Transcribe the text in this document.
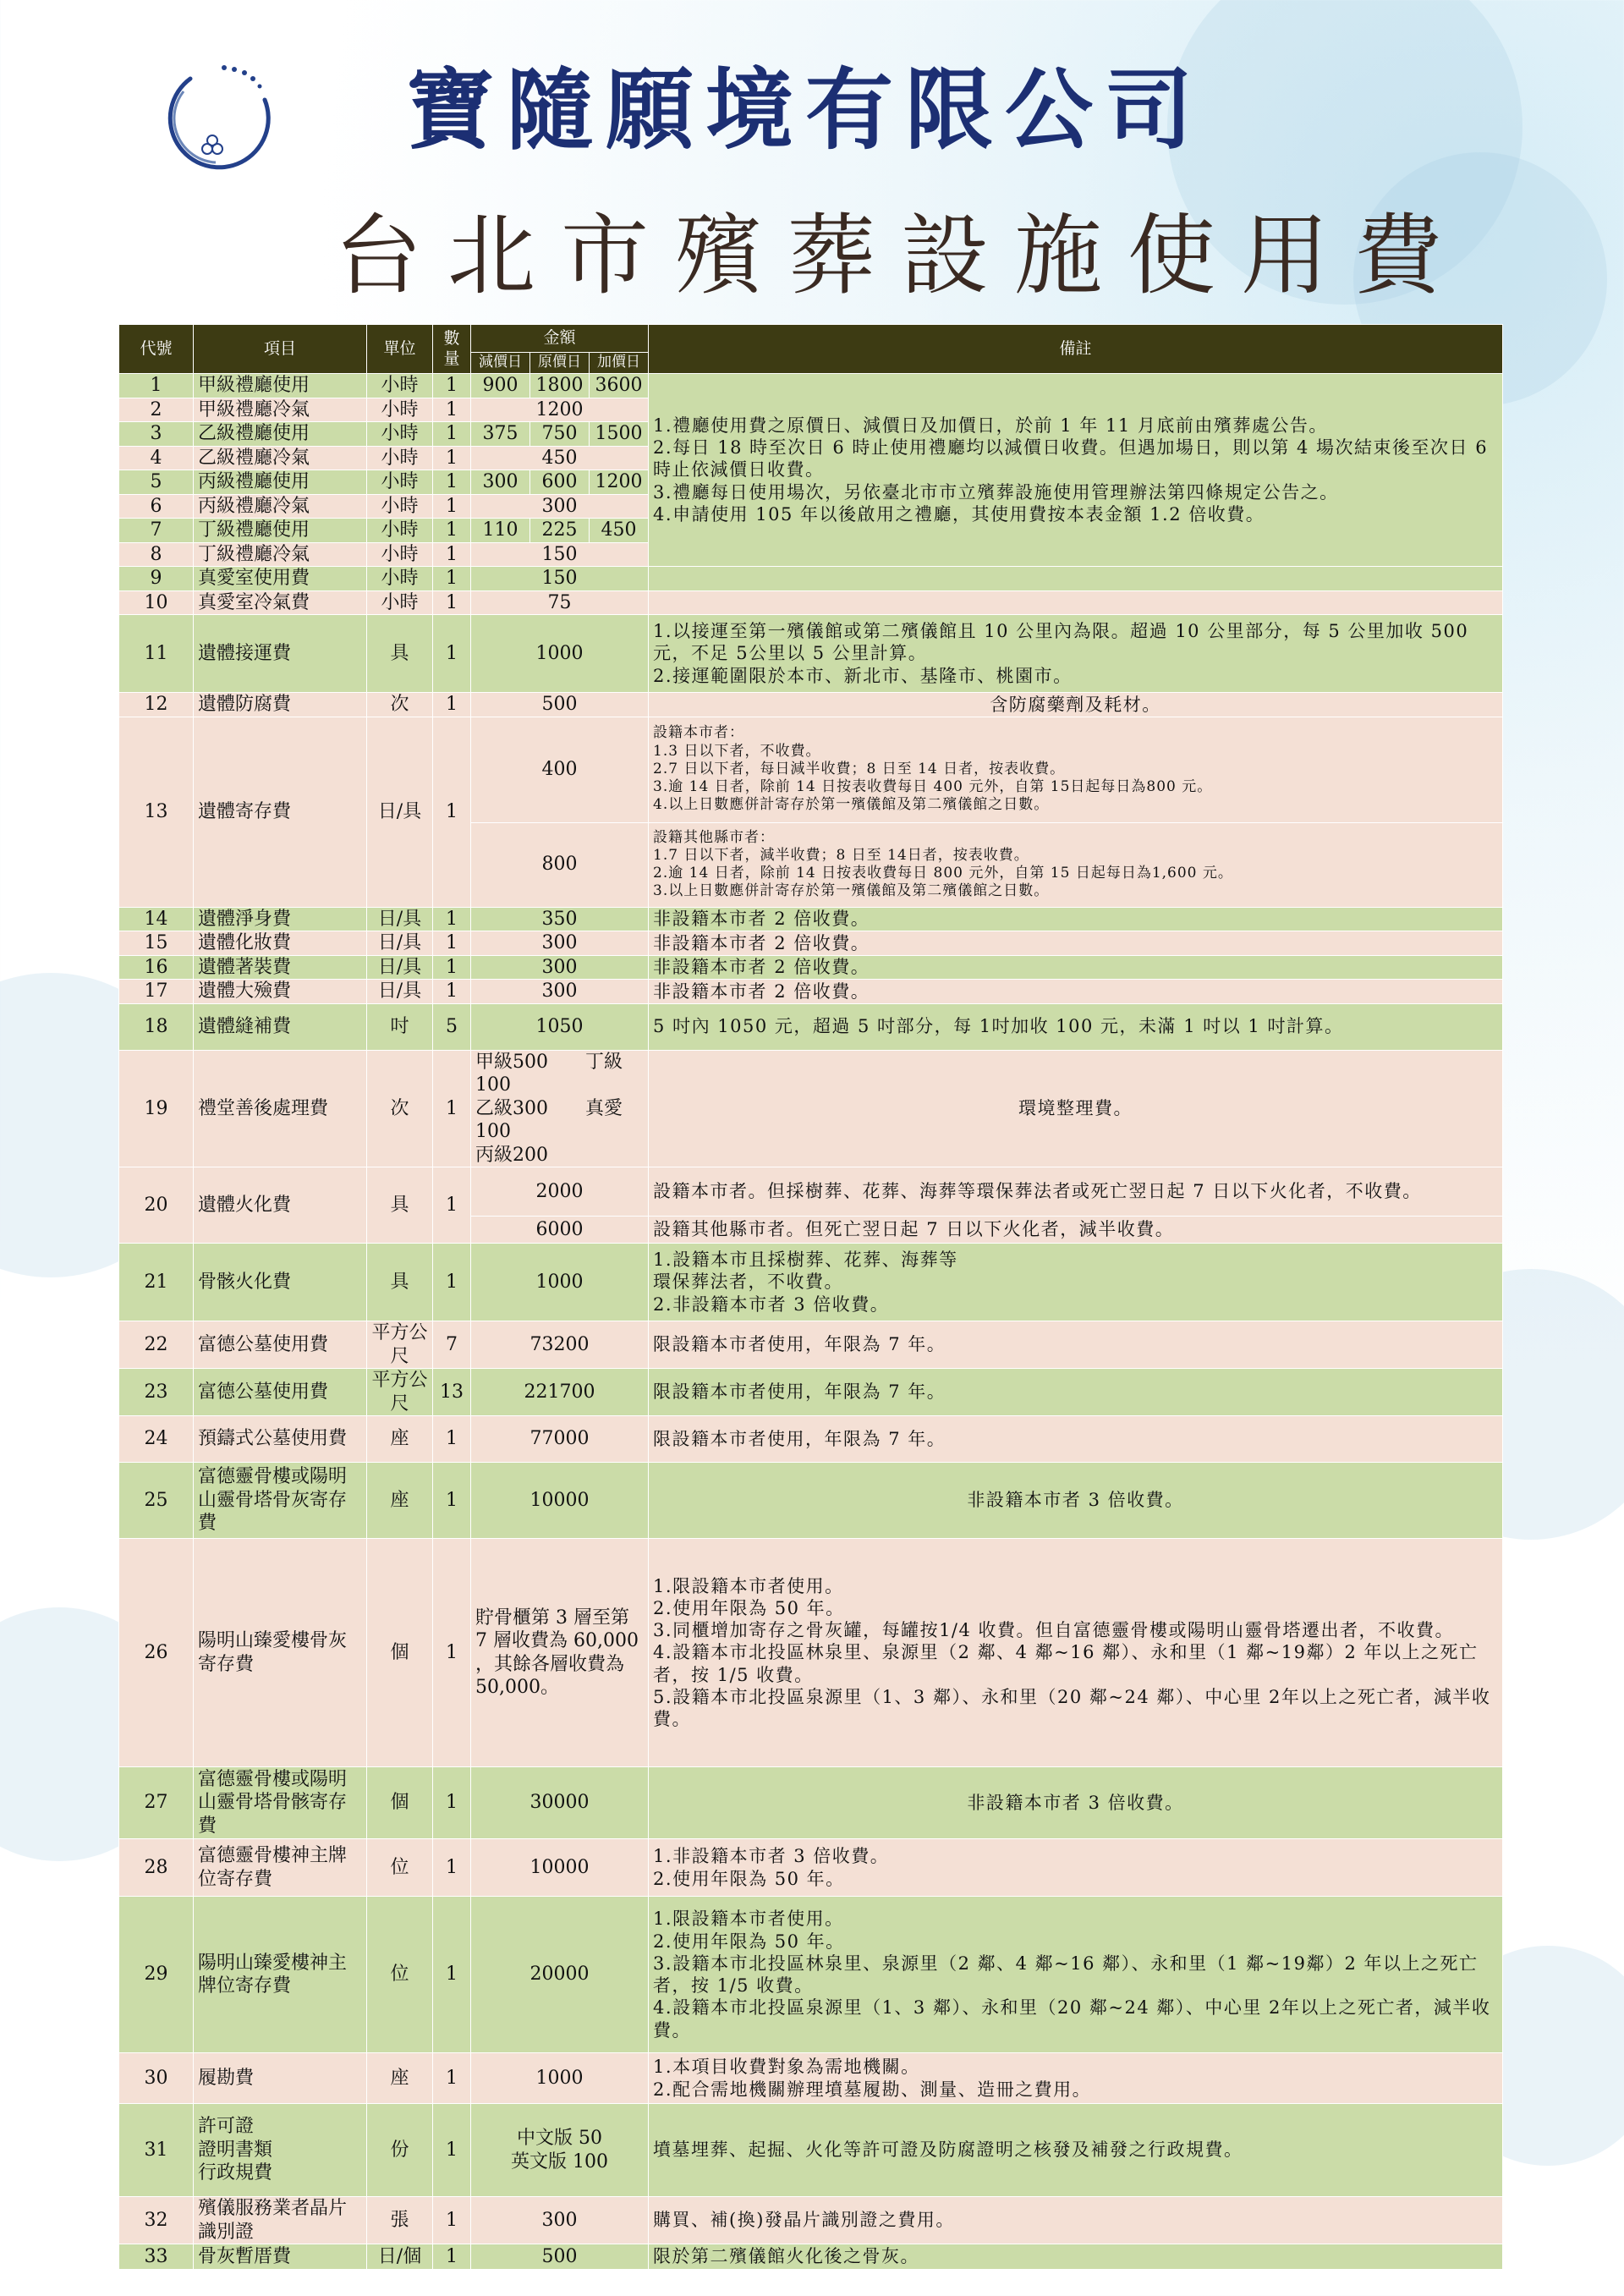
寶隨願境有限公司
台北市殯葬設施使用費
代號	項目	單位	數量	金額			備註
				減價日	原價日	加價日	
1	甲級禮廳使用	小時	1	900	1800	3600	1.禮廳使用費之原價日、減價日及加價日，於前 1 年 11 月底前由殯葬處公告。
2.每日 18 時至次日 6 時止使用禮廳均以減價日收費。但遇加場日，則以第 4 場次結束後至次日 6 時止依減價日收費。
3.禮廳每日使用場次，另依臺北市市立殯葬設施使用管理辦法第四條規定公告之。
4.申請使用 105 年以後啟用之禮廳，其使用費按本表金額 1.2 倍收費。
2	甲級禮廳冷氣	小時	1	1200			
3	乙級禮廳使用	小時	1	375	750	1500	
4	乙級禮廳冷氣	小時	1	450			
5	丙級禮廳使用	小時	1	300	600	1200	
6	丙級禮廳冷氣	小時	1	300			
7	丁級禮廳使用	小時	1	110	225	450	
8	丁級禮廳冷氣	小時	1	150			
9	真愛室使用費	小時	1	150			
10	真愛室冷氣費	小時	1	75			
11	遺體接運費	具	1	1000			1.以接運至第一殯儀館或第二殯儀館且 10 公里內為限。超過 10 公里部分，每 5 公里加收 500 元，不足 5公里以 5 公里計算。
2.接運範圍限於本市、新北市、基隆市、桃園市。
12	遺體防腐費	次	1	500			含防腐藥劑及耗材。
13	遺體寄存費	日/具	1	400			設籍本市者：
1.3 日以下者，不收費。
2.7 日以下者，每日減半收費；8 日至 14 日者，按表收費。
3.逾 14 日者，除前 14 日按表收費每日 400 元外，自第 15日起每日為800 元。
4.以上日數應併計寄存於第一殯儀館及第二殯儀館之日數。
				800			設籍其他縣市者：
1.7 日以下者，減半收費；8 日至 14日者，按表收費。
2.逾 14 日者，除前 14 日按表收費每日 800 元外，自第 15 日起每日為1,600 元。
3.以上日數應併計寄存於第一殯儀館及第二殯儀館之日數。
14	遺體淨身費	日/具	1	350			非設籍本市者 2 倍收費。
15	遺體化妝費	日/具	1	300			非設籍本市者 2 倍收費。
16	遺體著裝費	日/具	1	300			非設籍本市者 2 倍收費。
17	遺體大殮費	日/具	1	300			非設籍本市者 2 倍收費。
18	遺體縫補費	吋	5	1050			5 吋內 1050 元，超過 5 吋部分，每 1吋加收 100 元，未滿 1 吋以 1 吋計算。
19	禮堂善後處理費	次	1	甲級500　　丁級100
乙級300　　真愛100
丙級200			環境整理費。
20	遺體火化費	具	1	2000			設籍本市者。但採樹葬、花葬、海葬等環保葬法者或死亡翌日起 7 日以下火化者，不收費。
				6000			設籍其他縣市者。但死亡翌日起 7 日以下火化者，減半收費。
21	骨骸火化費	具	1	1000			1.設籍本市且採樹葬、花葬、海葬等
環保葬法者，不收費。
2.非設籍本市者 3 倍收費。
22	富德公墓使用費	平方公尺	7	73200			限設籍本市者使用，年限為 7 年。
23	富德公墓使用費	平方公尺	13	221700			限設籍本市者使用，年限為 7 年。
24	預鑄式公墓使用費	座	1	77000			限設籍本市者使用，年限為 7 年。
25	富德靈骨樓或陽明山靈骨塔骨灰寄存費	座	1	10000			非設籍本市者 3 倍收費。
26	陽明山臻愛樓骨灰寄存費	個	1	貯骨櫃第 3 層至第 7 層收費為 60,000 ，其餘各層收費為 50,000。			1.限設籍本市者使用。
2.使用年限為 50 年。
3.同櫃增加寄存之骨灰罐，每罐按1/4 收費。但自富德靈骨樓或陽明山靈骨塔遷出者，不收費。
4.設籍本市北投區林泉里、泉源里（2 鄰、4 鄰~16 鄰）、永和里（1 鄰~19鄰）2 年以上之死亡者，按 1/5 收費。
5.設籍本市北投區泉源里（1、3 鄰）、永和里（20 鄰~24 鄰）、中心里 2年以上之死亡者，減半收費。
27	富德靈骨樓或陽明山靈骨塔骨骸寄存費	個	1	30000			非設籍本市者 3 倍收費。
28	富德靈骨樓神主牌位寄存費	位	1	10000			1.非設籍本市者 3 倍收費。
2.使用年限為 50 年。
29	陽明山臻愛樓神主牌位寄存費	位	1	20000			1.限設籍本市者使用。
2.使用年限為 50 年。
3.設籍本市北投區林泉里、泉源里（2 鄰、4 鄰~16 鄰）、永和里（1 鄰~19鄰）2 年以上之死亡者，按 1/5 收費。
4.設籍本市北投區泉源里（1、3 鄰）、永和里（20 鄰~24 鄰）、中心里 2年以上之死亡者，減半收費。
30	履勘費	座	1	1000			1.本項目收費對象為需地機關。
2.配合需地機關辦理墳墓履勘、測量、造冊之費用。
31	許可證
證明書類
行政規費	份	1	中文版 50
英文版 100			墳墓埋葬、起掘、火化等許可證及防腐證明之核發及補發之行政規費。
32	殯儀服務業者晶片識別證	張	1	300			購買、補(換)發晶片識別證之費用。
33	骨灰暫厝費	日/個	1	500			限於第二殯儀館火化後之骨灰。
